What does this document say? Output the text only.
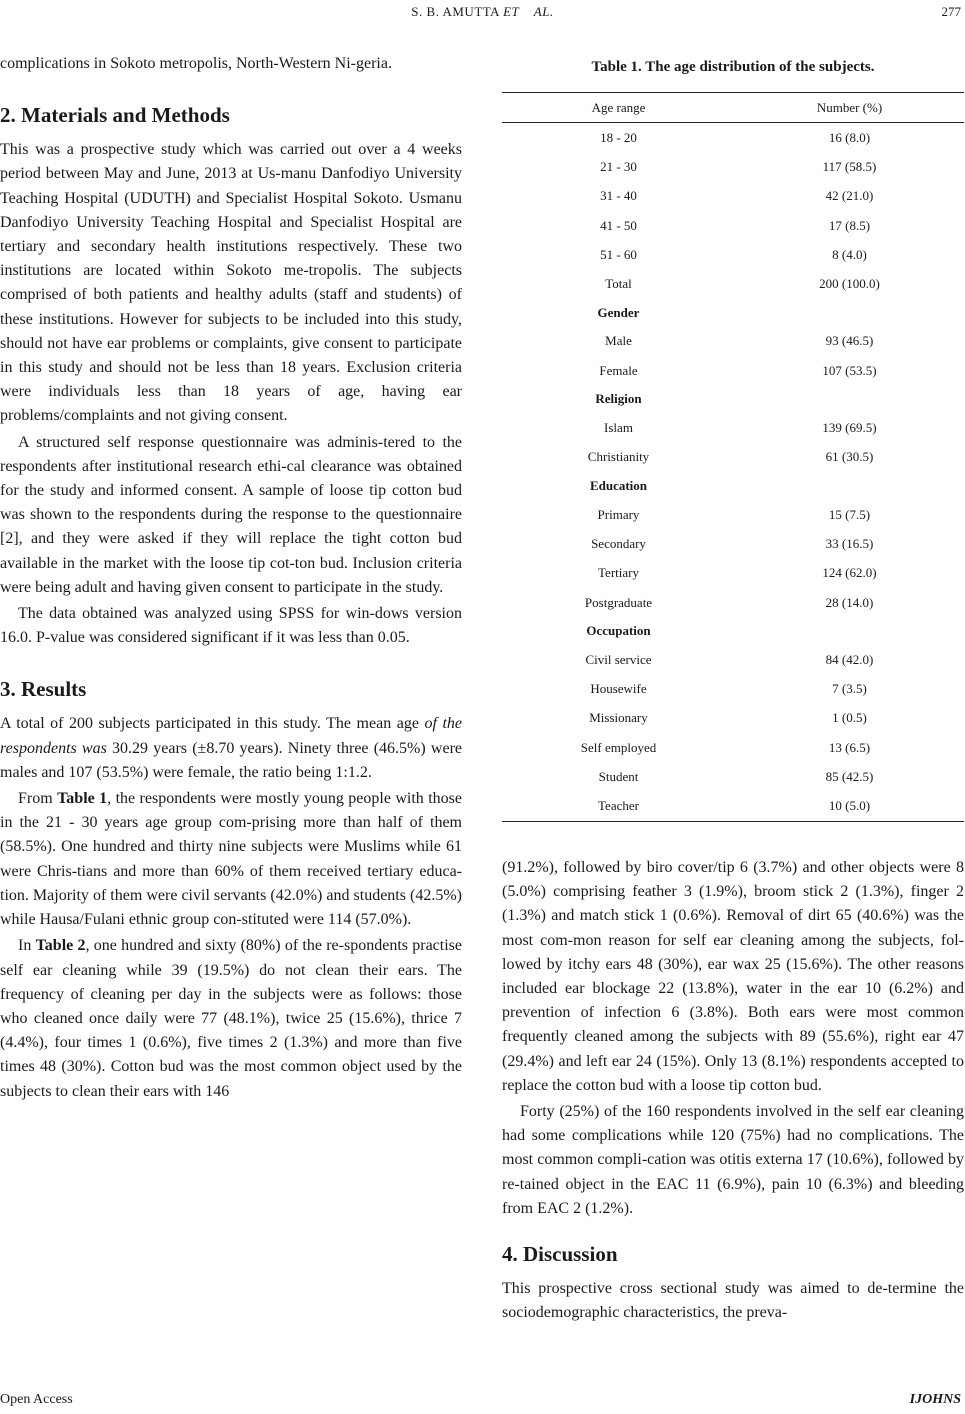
S. B. AMUTTA ET    AL.	277

complications in Sokoto metropolis, North-Western Ni-geria.

2. Materials and Methods

This was a prospective study which was carried out over a 4 weeks period between May and June, 2013 at Us-manu Danfodiyo University Teaching Hospital (UDUTH) and Specialist Hospital Sokoto. Usmanu Danfodiyo University Teaching Hospital and Specialist Hospital are tertiary and secondary health institutions respectively. These two institutions are located within Sokoto me-tropolis. The subjects comprised of both patients and healthy adults (staff and students) of these institutions. However for subjects to be included into this study, should not have ear problems or complaints, give consent to participate in this study and should not be less than 18 years. Exclusion criteria were individuals less than 18 years of age, having ear problems/complaints and not giving consent.

A structured self response questionnaire was adminis-tered to the respondents after institutional research ethi-cal clearance was obtained for the study and informed consent. A sample of loose tip cotton bud was shown to the respondents during the response to the questionnaire [2], and they were asked if they will replace the tight cotton bud available in the market with the loose tip cot-ton bud. Inclusion criteria were being adult and having given consent to participate in the study.

The data obtained was analyzed using SPSS for win-dows version 16.0. P-value was considered significant if it was less than 0.05.

3. Results

A total of 200 subjects participated in this study. The mean age of the respondents was 30.29 years (±8.70 years). Ninety three (46.5%) were males and 107 (53.5%) were female, the ratio being 1:1.2.

From Table 1, the respondents were mostly young people with those in the 21 - 30 years age group com-prising more than half of them (58.5%). One hundred and thirty nine subjects were Muslims while 61 were Chris-tians and more than 60% of them received tertiary educa-tion. Majority of them were civil servants (42.0%) and students (42.5%) while Hausa/Fulani ethnic group con-stituted were 114 (57.0%).

In Table 2, one hundred and sixty (80%) of the re-spondents practise self ear cleaning while 39 (19.5%) do not clean their ears. The frequency of cleaning per day in the subjects were as follows: those who cleaned once daily were 77 (48.1%), twice 25 (15.6%), thrice 7 (4.4%), four times 1 (0.6%), five times 2 (1.3%) and more than five times 48 (30%). Cotton bud was the most common object used by the subjects to clean their ears with 146

Table 1. The age distribution of the subjects.
Age range	Number (%)
18 - 20	16 (8.0)
21 - 30	117 (58.5)
31 - 40	42 (21.0)
41 - 50	17 (8.5)
51 - 60	8 (4.0)
Total	200 (100.0)
Gender	
Male	93 (46.5)
Female	107 (53.5)
Religion	
Islam	139 (69.5)
Christianity	61 (30.5)
Education	
Primary	15 (7.5)
Secondary	33 (16.5)
Tertiary	124 (62.0)
Postgraduate	28 (14.0)
Occupation	
Civil service	84 (42.0)
Housewife	7 (3.5)
Missionary	1 (0.5)
Self employed	13 (6.5)
Student	85 (42.5)
Teacher	10 (5.0)

(91.2%), followed by biro cover/tip 6 (3.7%) and other objects were 8 (5.0%) comprising feather 3 (1.9%), broom stick 2 (1.3%), finger 2 (1.3%) and match stick 1 (0.6%). Removal of dirt 65 (40.6%) was the most com-mon reason for self ear cleaning among the subjects, fol-lowed by itchy ears 48 (30%), ear wax 25 (15.6%). The other reasons included ear blockage 22 (13.8%), water in the ear 10 (6.2%) and prevention of infection 6 (3.8%). Both ears were most common frequently cleaned among the subjects with 89 (55.6%), right ear 47 (29.4%) and left ear 24 (15%). Only 13 (8.1%) respondents accepted to replace the cotton bud with a loose tip cotton bud.

Forty (25%) of the 160 respondents involved in the self ear cleaning had some complications while 120 (75%) had no complications. The most common compli-cation was otitis externa 17 (10.6%), followed by re-tained object in the EAC 11 (6.9%), pain 10 (6.3%) and bleeding from EAC 2 (1.2%).

4. Discussion

This prospective cross sectional study was aimed to de-termine the sociodemographic characteristics, the preva-

Open Access	IJOHNS
